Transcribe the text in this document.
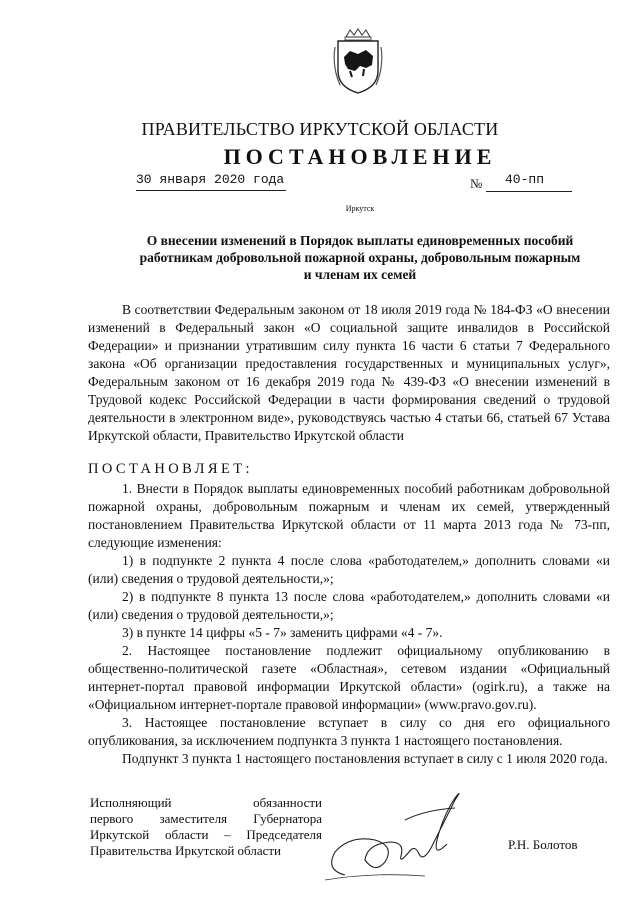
ПРАВИТЕЛЬСТВО ИРКУТСКОЙ ОБЛАСТИ
ПОСТАНОВЛЕНИЕ
30 января 2020 года	№ 40-пп
Иркутск
О внесении изменений в Порядок выплаты единовременных пособий
работникам добровольной пожарной охраны, добровольным пожарным
и членам их семей

В соответствии Федеральным законом от 18 июля 2019 года № 184-ФЗ «О внесении изменений в Федеральный закон «О социальной защите инвалидов в Российской Федерации» и признании утратившим силу пункта 16 части 6 статьи 7 Федерального закона «Об организации предоставления государственных и муниципальных услуг», Федеральным законом от 16 декабря 2019 года № 439-ФЗ «О внесении изменений в Трудовой кодекс Российской Федерации в части формирования сведений о трудовой деятельности в электронном виде», руководствуясь частью 4 статьи 66, статьей 67 Устава Иркутской области, Правительство Иркутской области

ПОСТАНОВЛЯЕТ:

1. Внести в Порядок выплаты единовременных пособий работникам добровольной пожарной охраны, добровольным пожарным и членам их семей, утвержденный постановлением Правительства Иркутской области от 11 марта 2013 года № 73-пп, следующие изменения:

1) в подпункте 2 пункта 4 после слова «работодателем,» дополнить словами «и (или) сведения о трудовой деятельности,»;

2) в подпункте 8 пункта 13 после слова «работодателем,» дополнить словами «и (или) сведения о трудовой деятельности,»;

3) в пункте 14 цифры «5 - 7» заменить цифрами «4 - 7».

2. Настоящее постановление подлежит официальному опубликованию в общественно-политической газете «Областная», сетевом издании «Официальный интернет-портал правовой информации Иркутской области» (ogirk.ru), а также на «Официальном интернет-портале правовой информации» (www.pravo.gov.ru).

3. Настоящее постановление вступает в силу со дня его официального опубликования, за исключением подпункта 3 пункта 1 настоящего постановления.

Подпункт 3 пункта 1 настоящего постановления вступает в силу с 1 июля 2020 года.

Исполняющий обязанности
первого заместителя Губернатора
Иркутской области – Председателя
Правительства Иркутской области	Р.Н. Болотов
